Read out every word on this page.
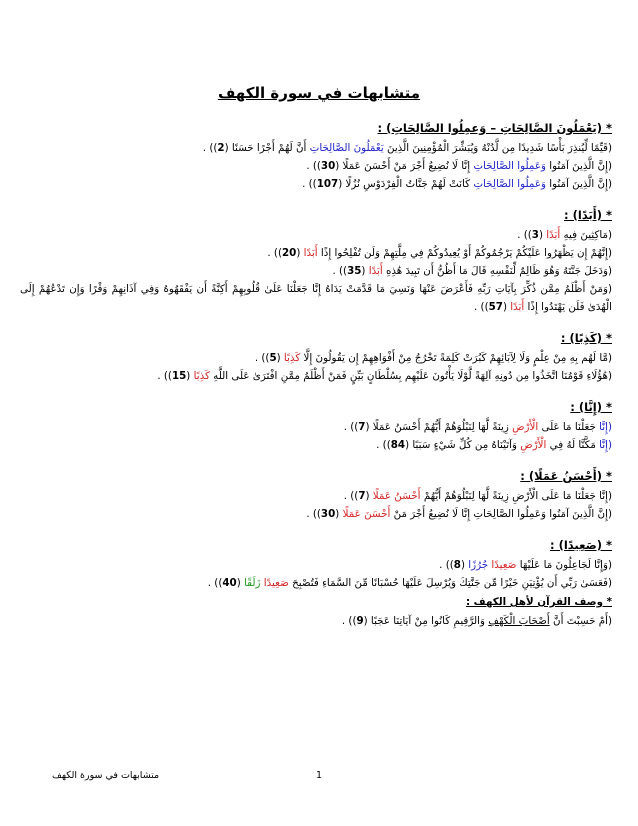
متشابهات في سورة الكهف
* (يَعْمَلُونَ الصَّالِحَاتِ – وَعمِلُوا الصَّالِحَاتِ) :
(قَيِّمًا لِّيُنذِرَ بَأْسًا شَدِيدًا مِن لَّدُنْهُ وَيُبَشِّرَ الْمُؤْمِنِينَ الَّذِينَ يَعْمَلُونَ الصَّالِحَاتِ أَنَّ لَهُمْ أَجْرًا حَسَنًا (2)) .
(إِنَّ الَّذِينَ آمَنُوا وَعَمِلُوا الصَّالِحَاتِ إِنَّا لَا نُضِيعُ أَجْرَ مَنْ أَحْسَنَ عَمَلًا (30)) .
(إِنَّ الَّذِينَ آمَنُوا وَعَمِلُوا الصَّالِحَاتِ كَانَتْ لَهُمْ جَنَّاتُ الْفِرْدَوْسِ نُزُلًا (107)) .
* (أَبَدًا) :
(مَاكِثِينَ فِيهِ أَبَدًا (3)) .
(إِنَّهُمْ إِن يَظْهَرُوا عَلَيْكُمْ يَرْجُمُوكُمْ أَوْ يُعِيدُوكُمْ فِي مِلَّتِهِمْ وَلَن تُفْلِحُوا إِذًا أَبَدًا (20)) .
(وَدَخَلَ جَنَّتَهُ وَهُوَ ظَالِمٌ لِّنَفْسِهِ قَالَ مَا أَظُنُّ أَن تَبِيدَ هَٰذِهِ أَبَدًا (35)) .
(وَمَنْ أَظْلَمُ مِمَّن ذُكِّرَ بِآيَاتِ رَبِّهِ فَأَعْرَضَ عَنْهَا وَنَسِيَ مَا قَدَّمَتْ يَدَاهُ إِنَّا جَعَلْنَا عَلَىٰ قُلُوبِهِمْ أَكِنَّةً أَن يَفْقَهُوهُ وَفِي آذَانِهِمْ وَقْرًا وَإِن تَدْعُهُمْ إِلَى الْهُدَىٰ فَلَن يَهْتَدُوا إِذًا أَبَدًا (57)) .
* (كَذِبًا) :
(مَّا لَهُم بِهِ مِنْ عِلْمٍ وَلَا لِآبَائِهِمْ كَبُرَتْ كَلِمَةً تَخْرُجُ مِنْ أَفْوَاهِهِمْ إِن يَقُولُونَ إِلَّا كَذِبًا (5)) .
(هَٰؤُلَاءِ قَوْمُنَا اتَّخَذُوا مِن دُونِهِ آلِهَةً لَّوْلَا يَأْتُونَ عَلَيْهِم بِسُلْطَانٍ بَيِّنٍ فَمَنْ أَظْلَمُ مِمَّنِ افْتَرَىٰ عَلَى اللَّهِ كَذِبًا (15)) .
* (إِنَّا) :
(إِنَّا جَعَلْنَا مَا عَلَى الْأَرْضِ زِينَةً لَّهَا لِنَبْلُوَهُمْ أَيُّهُمْ أَحْسَنُ عَمَلًا (7)) .
(إِنَّا مَكَّنَّا لَهُ فِي الْأَرْضِ وَآتَيْنَاهُ مِن كُلِّ شَيْءٍ سَبَبًا (84)) .
* (أَحْسَنُ عَمَلًا) :
(إِنَّا جَعَلْنَا مَا عَلَى الْأَرْضِ زِينَةً لَّهَا لِنَبْلُوَهُمْ أَيُّهُمْ أَحْسَنُ عَمَلًا (7)) .
(إِنَّ الَّذِينَ آمَنُوا وَعَمِلُوا الصَّالِحَاتِ إِنَّا لَا نُضِيعُ أَجْرَ مَنْ أَحْسَنَ عَمَلًا (30)) .
* (صَعِيدًا) :
(وَإِنَّا لَجَاعِلُونَ مَا عَلَيْهَا صَعِيدًا جُرُزًا (8)) .
(فَعَسَىٰ رَبِّي أَن يُؤْتِيَنِ خَيْرًا مِّن جَنَّتِكَ وَيُرْسِلَ عَلَيْهَا حُسْبَانًا مِّنَ السَّمَاءِ فَتُصْبِحَ صَعِيدًا زَلَقًا (40)) .
* وصف القرآن لأهل الكهف :
(أَمْ حَسِبْتَ أَنَّ أَصْحَابَ الْكَهْفِ وَالرَّقِيمِ كَانُوا مِنْ آيَاتِنَا عَجَبًا (9)) .
متشابهات في سورة الكهف	1
